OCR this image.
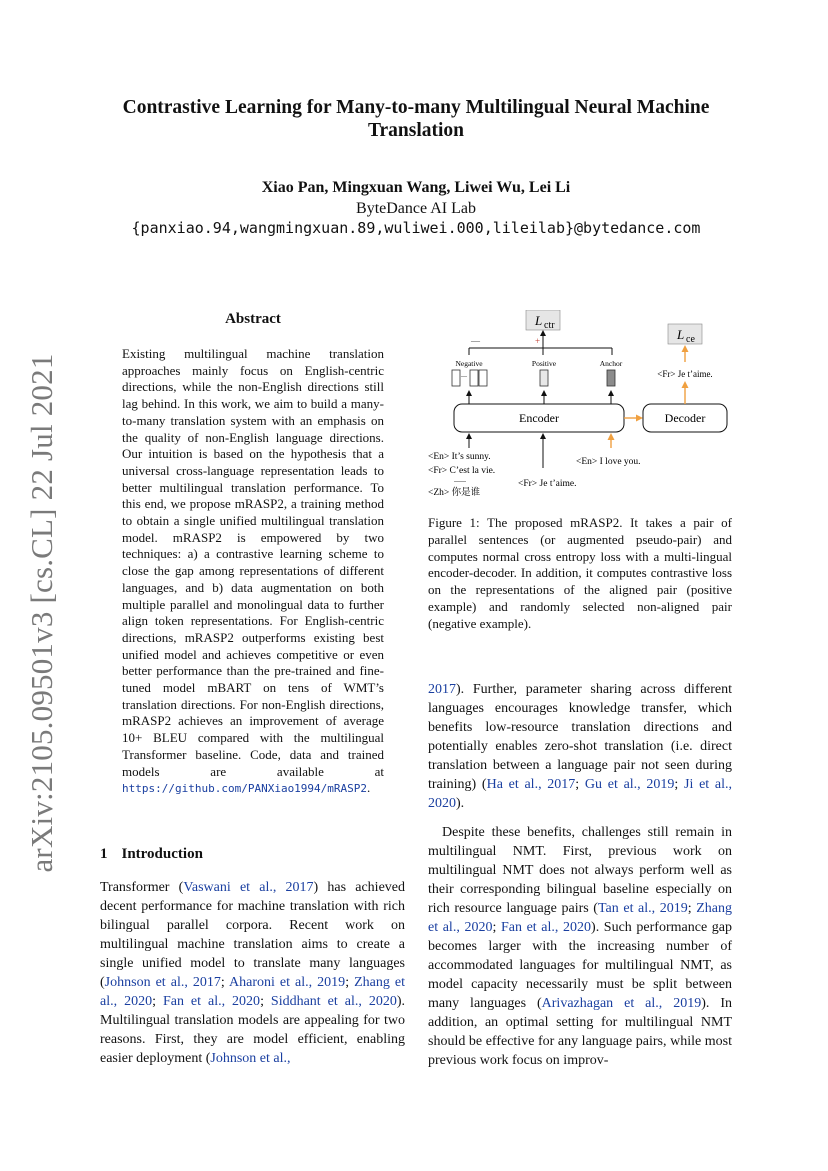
arXiv:2105.09501v3 [cs.CL] 22 Jul 2021
Contrastive Learning for Many-to-many Multilingual Neural Machine Translation
Xiao Pan, Mingxuan Wang, Liwei Wu, Lei Li
ByteDance AI Lab
{panxiao.94,wangmingxuan.89,wuliwei.000,lileilab}@bytedance.com
Abstract
Existing multilingual machine translation approaches mainly focus on English-centric directions, while the non-English directions still lag behind. In this work, we aim to build a many-to-many translation system with an emphasis on the quality of non-English language directions. Our intuition is based on the hypothesis that a universal cross-language representation leads to better multilingual translation performance. To this end, we propose mRASP2, a training method to obtain a single unified multilingual translation model. mRASP2 is empowered by two techniques: a) a contrastive learning scheme to close the gap among representations of different languages, and b) data augmentation on both multiple parallel and monolingual data to further align token representations. For English-centric directions, mRASP2 outperforms existing best unified model and achieves competitive or even better performance than the pre-trained and fine-tuned model mBART on tens of WMT’s translation directions. For non-English directions, mRASP2 achieves an improvement of average 10+ BLEU compared with the multilingual Transformer baseline. Code, data and trained models are available at https://github.com/PANXiao1994/mRASP2.
1 Introduction
Transformer (Vaswani et al., 2017) has achieved decent performance for machine translation with rich bilingual parallel corpora. Recent work on multilingual machine translation aims to create a single unified model to translate many languages (Johnson et al., 2017; Aharoni et al., 2019; Zhang et al., 2020; Fan et al., 2020; Siddhant et al., 2020). Multilingual translation models are appealing for two reasons. First, they are model efficient, enabling easier deployment (Johnson et al.,
L ctr
—	+
Negative	Positive	Anchor
—
Encoder	Decoder
<Fr> Je t’aime.
L ce
<En> It’s sunny.
<Fr> C’est la vie.
......
<Zh> 你是谁
<Fr> Je t’aime.
<En> I love you.
Figure 1: The proposed mRASP2. It takes a pair of parallel sentences (or augmented pseudo-pair) and computes normal cross entropy loss with a multi-lingual encoder-decoder. In addition, it computes contrastive loss on the representations of the aligned pair (positive example) and randomly selected non-aligned pair (negative example).
2017). Further, parameter sharing across different languages encourages knowledge transfer, which benefits low-resource translation directions and potentially enables zero-shot translation (i.e. direct translation between a language pair not seen during training) (Ha et al., 2017; Gu et al., 2019; Ji et al., 2020).
Despite these benefits, challenges still remain in multilingual NMT. First, previous work on multilingual NMT does not always perform well as their corresponding bilingual baseline especially on rich resource language pairs (Tan et al., 2019; Zhang et al., 2020; Fan et al., 2020). Such performance gap becomes larger with the increasing number of accommodated languages for multilingual NMT, as model capacity necessarily must be split between many languages (Arivazhagan et al., 2019). In addition, an optimal setting for multilingual NMT should be effective for any language pairs, while most previous work focus on improv-
